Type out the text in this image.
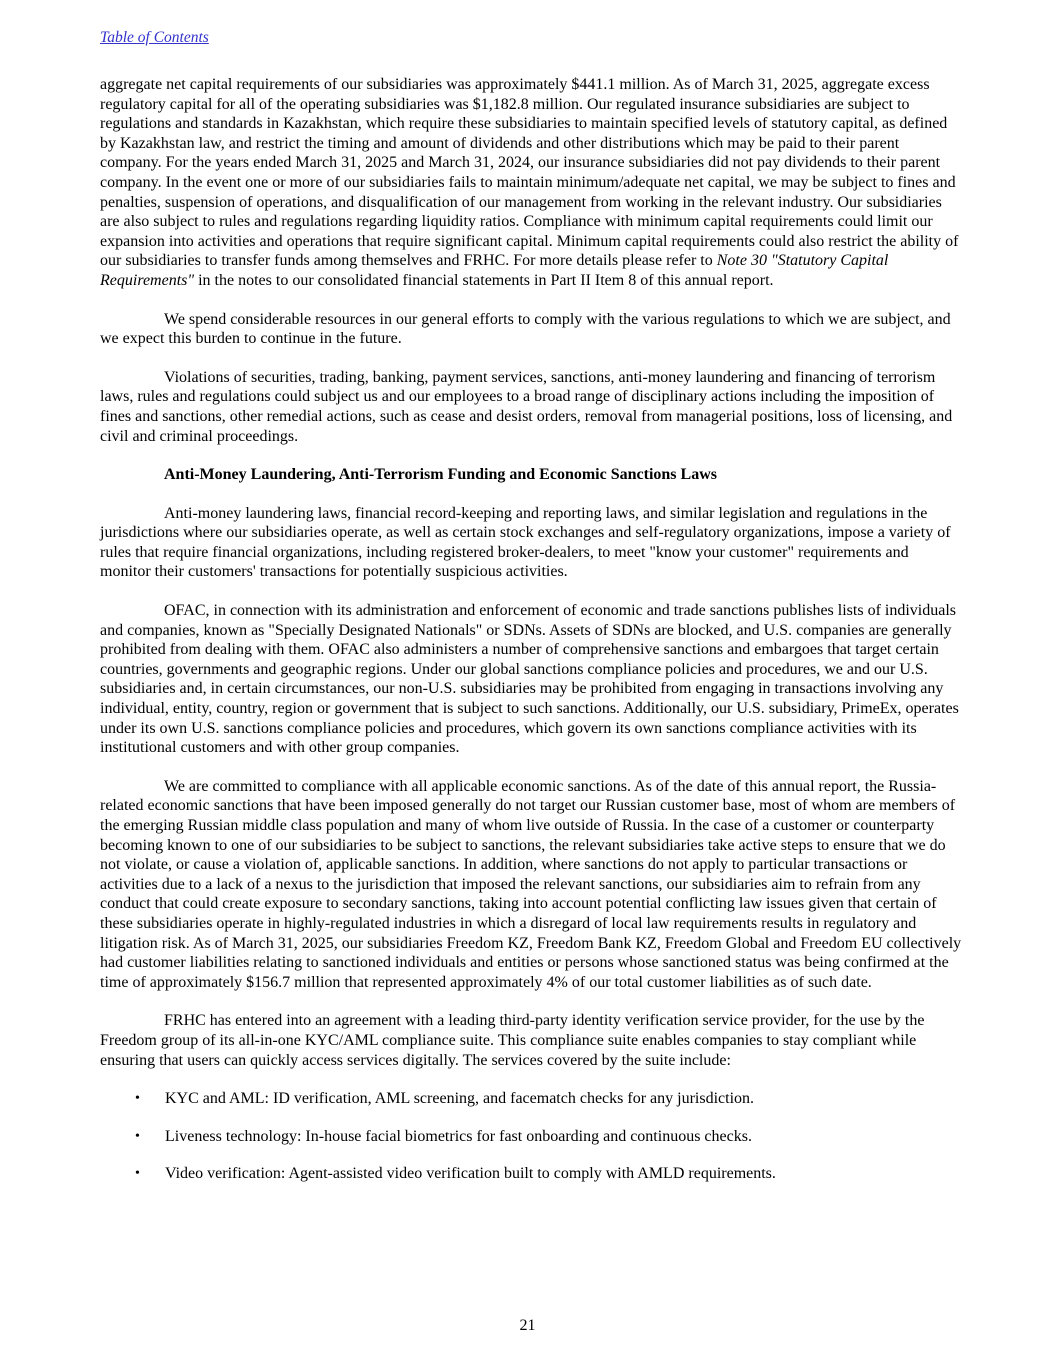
Table of Contents

aggregate net capital requirements of our subsidiaries was approximately $441.1 million. As of March 31, 2025, aggregate excess regulatory capital for all of the operating subsidiaries was $1,182.8 million. Our regulated insurance subsidiaries are subject to regulations and standards in Kazakhstan, which require these subsidiaries to maintain specified levels of statutory capital, as defined by Kazakhstan law, and restrict the timing and amount of dividends and other distributions which may be paid to their parent company. For the years ended March 31, 2025 and March 31, 2024, our insurance subsidiaries did not pay dividends to their parent company. In the event one or more of our subsidiaries fails to maintain minimum/adequate net capital, we may be subject to fines and penalties, suspension of operations, and disqualification of our management from working in the relevant industry. Our subsidiaries are also subject to rules and regulations regarding liquidity ratios. Compliance with minimum capital requirements could limit our expansion into activities and operations that require significant capital. Minimum capital requirements could also restrict the ability of our subsidiaries to transfer funds among themselves and FRHC. For more details please refer to Note 30 "Statutory Capital Requirements" in the notes to our consolidated financial statements in Part II Item 8 of this annual report.

We spend considerable resources in our general efforts to comply with the various regulations to which we are subject, and we expect this burden to continue in the future.

Violations of securities, trading, banking, payment services, sanctions, anti-money laundering and financing of terrorism laws, rules and regulations could subject us and our employees to a broad range of disciplinary actions including the imposition of fines and sanctions, other remedial actions, such as cease and desist orders, removal from managerial positions, loss of licensing, and civil and criminal proceedings.

Anti-Money Laundering, Anti-Terrorism Funding and Economic Sanctions Laws

Anti-money laundering laws, financial record-keeping and reporting laws, and similar legislation and regulations in the jurisdictions where our subsidiaries operate, as well as certain stock exchanges and self-regulatory organizations, impose a variety of rules that require financial organizations, including registered broker-dealers, to meet "know your customer" requirements and monitor their customers' transactions for potentially suspicious activities.

OFAC, in connection with its administration and enforcement of economic and trade sanctions publishes lists of individuals and companies, known as "Specially Designated Nationals" or SDNs. Assets of SDNs are blocked, and U.S. companies are generally prohibited from dealing with them. OFAC also administers a number of comprehensive sanctions and embargoes that target certain countries, governments and geographic regions. Under our global sanctions compliance policies and procedures, we and our U.S. subsidiaries and, in certain circumstances, our non-U.S. subsidiaries may be prohibited from engaging in transactions involving any individual, entity, country, region or government that is subject to such sanctions. Additionally, our U.S. subsidiary, PrimeEx, operates under its own U.S. sanctions compliance policies and procedures, which govern its own sanctions compliance activities with its institutional customers and with other group companies.

We are committed to compliance with all applicable economic sanctions. As of the date of this annual report, the Russia-related economic sanctions that have been imposed generally do not target our Russian customer base, most of whom are members of the emerging Russian middle class population and many of whom live outside of Russia. In the case of a customer or counterparty becoming known to one of our subsidiaries to be subject to sanctions, the relevant subsidiaries take active steps to ensure that we do not violate, or cause a violation of, applicable sanctions. In addition, where sanctions do not apply to particular transactions or activities due to a lack of a nexus to the jurisdiction that imposed the relevant sanctions, our subsidiaries aim to refrain from any conduct that could create exposure to secondary sanctions, taking into account potential conflicting law issues given that certain of these subsidiaries operate in highly-regulated industries in which a disregard of local law requirements results in regulatory and litigation risk. As of March 31, 2025, our subsidiaries Freedom KZ, Freedom Bank KZ, Freedom Global and Freedom EU collectively had customer liabilities relating to sanctioned individuals and entities or persons whose sanctioned status was being confirmed at the time of approximately $156.7 million that represented approximately 4% of our total customer liabilities as of such date.

FRHC has entered into an agreement with a leading third-party identity verification service provider, for the use by the Freedom group of its all-in-one KYC/AML compliance suite. This compliance suite enables companies to stay compliant while ensuring that users can quickly access services digitally. The services covered by the suite include:

•	KYC and AML: ID verification, AML screening, and facematch checks for any jurisdiction.
•	Liveness technology: In-house facial biometrics for fast onboarding and continuous checks.
•	Video verification: Agent-assisted video verification built to comply with AMLD requirements.
21
